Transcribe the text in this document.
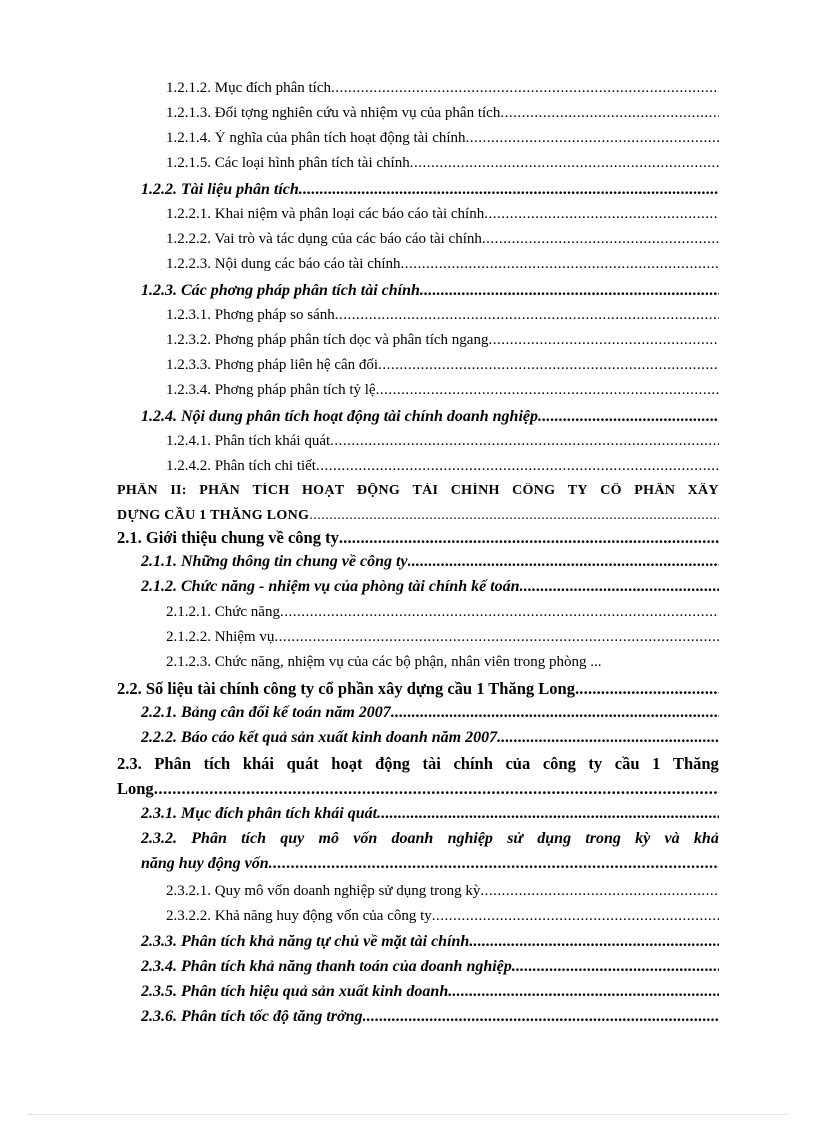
1.2.1.2. Mục đích phân tích
.....
1.2.1.3. Đối tợng nghiên cứu và nhiệm vụ của phân tích
.....
1.2.1.4. Ý nghĩa của phân tích hoạt động tài chính
.....
1.2.1.5. Các loại hình phân tích tài chính
.....
1.2.2. Tài liệu phân tích
.....
1.2.2.1. Khai niệm và phân loại các báo cáo tài chính
.....
1.2.2.2. Vai trò và tác dụng của các báo cáo tài chính
.....
1.2.2.3. Nội dung các báo cáo tài chính
.....
1.2.3. Các phơng pháp phân tích tài chính
.....
1.2.3.1. Phơng pháp so sánh
.....
1.2.3.2. Phơng pháp phân tích dọc và phân tích ngang
.....
1.2.3.3. Phơng pháp liên hệ cân đối
.....
1.2.3.4. Phơng pháp phân tích tỷ lệ
.....
1.2.4. Nội dung phân tích hoạt động tài chính doanh nghiệp
.....
1.2.4.1. Phân tích khái quát
.....
1.2.4.2. Phân tích chi tiết
.....
PHẦN II: PHÂN TÍCH HOẠT ĐỘNG TÀI CHÍNH CÔNG TY CỔ PHẦN XÂY
DỰNG CẦU 1 THĂNG LONG
.....
2.1. Giới thiệu chung về công ty
.....
2.1.1. Những thông tin chung về công ty
.....
2.1.2. Chức năng - nhiệm vụ của phòng tài chính kế toán
.....
2.1.2.1. Chức năng
.....
2.1.2.2. Nhiệm vụ
.....
2.1.2.3. Chức năng, nhiệm vụ của các bộ phận, nhân viên trong phòng ...
2.2. Số liệu tài chính công ty cổ phần xây dựng cầu 1 Thăng Long
.....
2.2.1. Bảng cân đối kế toán năm 2007
.....
2.2.2. Báo cáo kết quả sản xuất kinh doanh năm 2007
.....
2.3. Phân tích khái quát hoạt động tài chính của công ty cầu 1 Thăng
Long
.....
2.3.1. Mục đích phân tích khái quát
.....
2.3.2. Phân tích quy mô vốn doanh nghiệp sử dụng trong kỳ và khả
năng huy động vốn
.....
2.3.2.1. Quy mô vốn doanh nghiệp sử dụng trong kỳ
.....
2.3.2.2. Khả năng huy động vốn của công ty
.....
2.3.3. Phân tích khả năng tự chủ về mặt tài chính
.....
2.3.4. Phân tích khả năng thanh toán của doanh nghiệp
.....
2.3.5. Phân tích hiệu quả sản xuất kinh doanh
.....
2.3.6. Phân tích tốc độ tăng trởng
.....
